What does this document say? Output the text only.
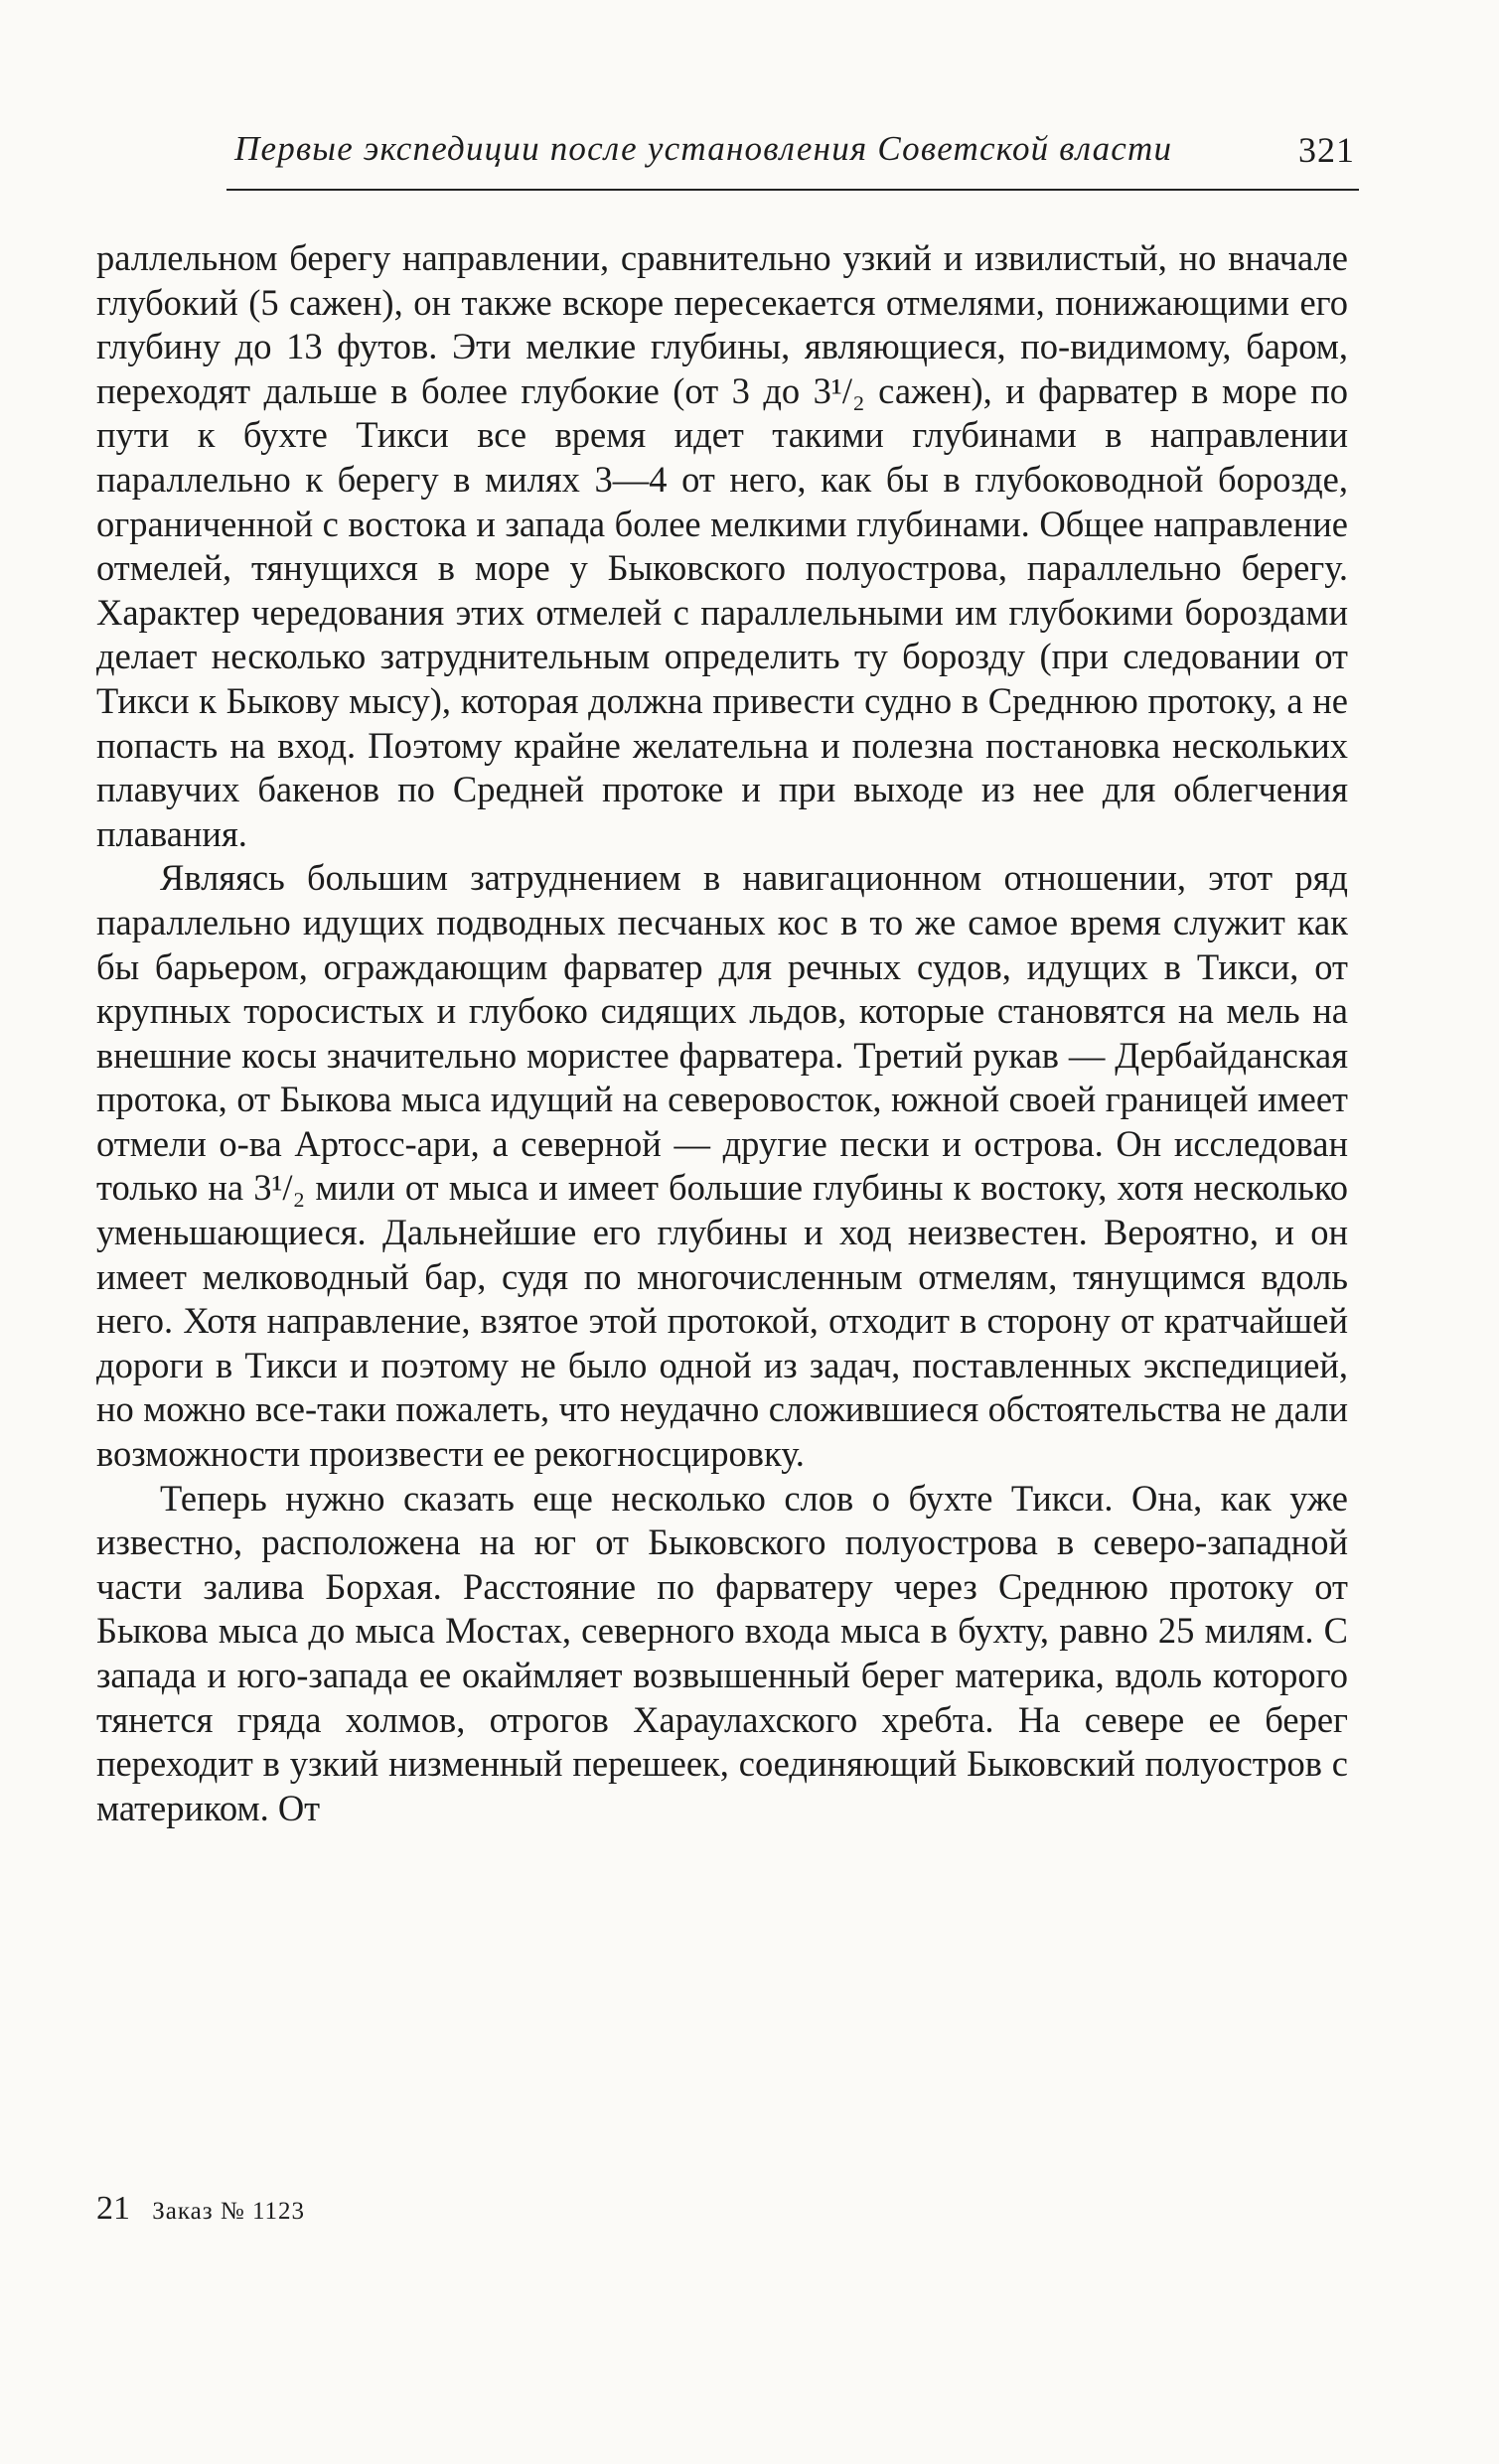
Первые экспедиции после установления Советской власти	321

раллельном берегу направлении, сравнительно узкий и извилистый, но вначале глубокий (5 сажен), он также вскоре пересекается отмелями, понижающими его глубину до 13 футов. Эти мелкие глубины, являющиеся, по-видимому, баром, переходят дальше в более глубокие (от 3 до 3¹/₂ сажен), и фарватер в море по пути к бухте Тикси все время идет такими глубинами в направлении параллельно к берегу в милях 3—4 от него, как бы в глубоководной борозде, ограниченной с востока и запада более мелкими глубинами. Общее направление отмелей, тянущихся в море у Быковского полуострова, параллельно берегу. Характер чередования этих отмелей с параллельными им глубокими бороздами делает несколько затруднительным определить ту борозду (при следовании от Тикси к Быкову мысу), которая должна привести судно в Среднюю протоку, а не попасть на вход. Поэтому крайне желательна и полезна постановка нескольких плавучих бакенов по Средней протоке и при выходе из нее для облегчения плавания.

Являясь большим затруднением в навигационном отношении, этот ряд параллельно идущих подводных песчаных кос в то же самое время служит как бы барьером, ограждающим фарватер для речных судов, идущих в Тикси, от крупных торосистых и глубоко сидящих льдов, которые становятся на мель на внешние косы значительно мористее фарватера. Третий рукав — Дербайданская протока, от Быкова мыса идущий на северовосток, южной своей границей имеет отмели о-ва Артосс-ари, а северной — другие пески и острова. Он исследован только на 3¹/₂ мили от мыса и имеет большие глубины к востоку, хотя несколько уменьшающиеся. Дальнейшие его глубины и ход неизвестен. Вероятно, и он имеет мелководный бар, судя по многочисленным отмелям, тянущимся вдоль него. Хотя направление, взятое этой протокой, отходит в сторону от кратчайшей дороги в Тикси и поэтому не было одной из задач, поставленных экспедицией, но можно все-таки пожалеть, что неудачно сложившиеся обстоятельства не дали возможности произвести ее рекогносцировку.

Теперь нужно сказать еще несколько слов о бухте Тикси. Она, как уже известно, расположена на юг от Быковского полуострова в северо-западной части залива Борхая. Расстояние по фарватеру через Среднюю протоку от Быкова мыса до мыса Мостах, северного входа мыса в бухту, равно 25 милям. С запада и юго-запада ее окаймляет возвышенный берег материка, вдоль которого тянется гряда холмов, отрогов Хараулахского хребта. На севере ее берег переходит в узкий низменный перешеек, соединяющий Быковский полуостров с материком. От

21 Заказ № 1123
